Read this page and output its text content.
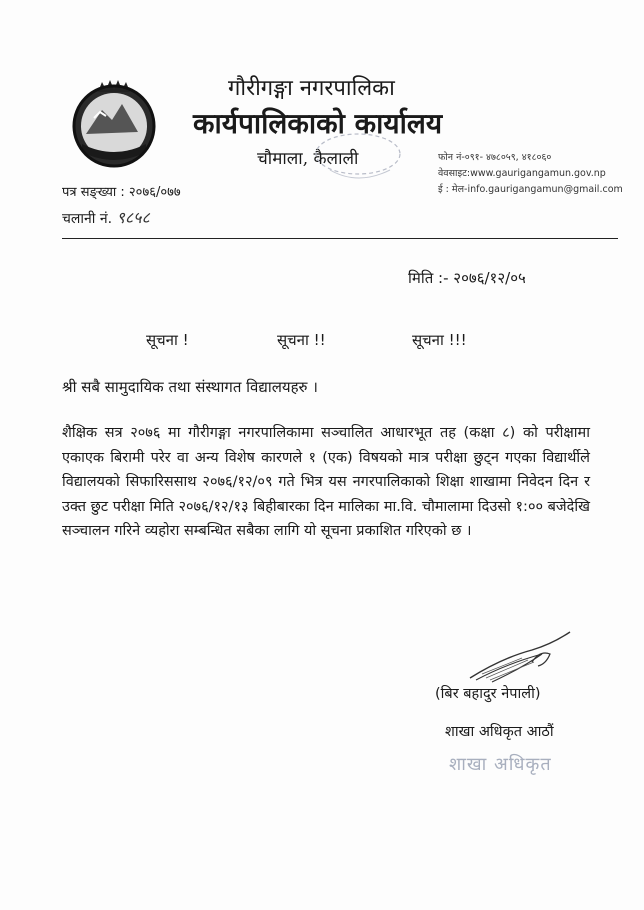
गौरीगङ्गा नगरपालिका
कार्यपालिकाको कार्यालय
चौमाला, कैलाली	फोन नं-०९१- ४७८०५९, ४१८०६०
वेवसाइट:www.gaurigangamun.gov.np
ई : मेल-info.gaurigangamun@gmail.com
पत्र सङ्ख्या : २०७६/०७७
चलानी नं. ९८५८
मिति :- २०७६/१२/०५
सूचना !	सूचना !!	सूचना !!!
श्री सबै सामुदायिक तथा संस्थागत विद्यालयहरु ।
शैक्षिक सत्र २०७६ मा गौरीगङ्गा नगरपालिकामा सञ्चालित आधारभूत तह (कक्षा ८) को परीक्षामा एकाएक बिरामी परेर वा अन्य विशेष कारणले १ (एक) विषयको मात्र परीक्षा छुट्न गएका विद्यार्थीले विद्यालयको सिफारिससाथ २०७६/१२/०९ गते भित्र यस नगरपालिकाको शिक्षा शाखामा निवेदन दिन र उक्त छुट परीक्षा मिति २०७६/१२/१३ बिहीबारका दिन मालिका मा.वि. चौमालामा दिउसो १:०० बजेदेखि सञ्चालन गरिने व्यहोरा सम्बन्धित सबैका लागि यो सूचना प्रकाशित गरिएको छ ।
(बिर बहादुर नेपाली)
शाखा अधिकृत आठौं
शाखा अधिकृत
